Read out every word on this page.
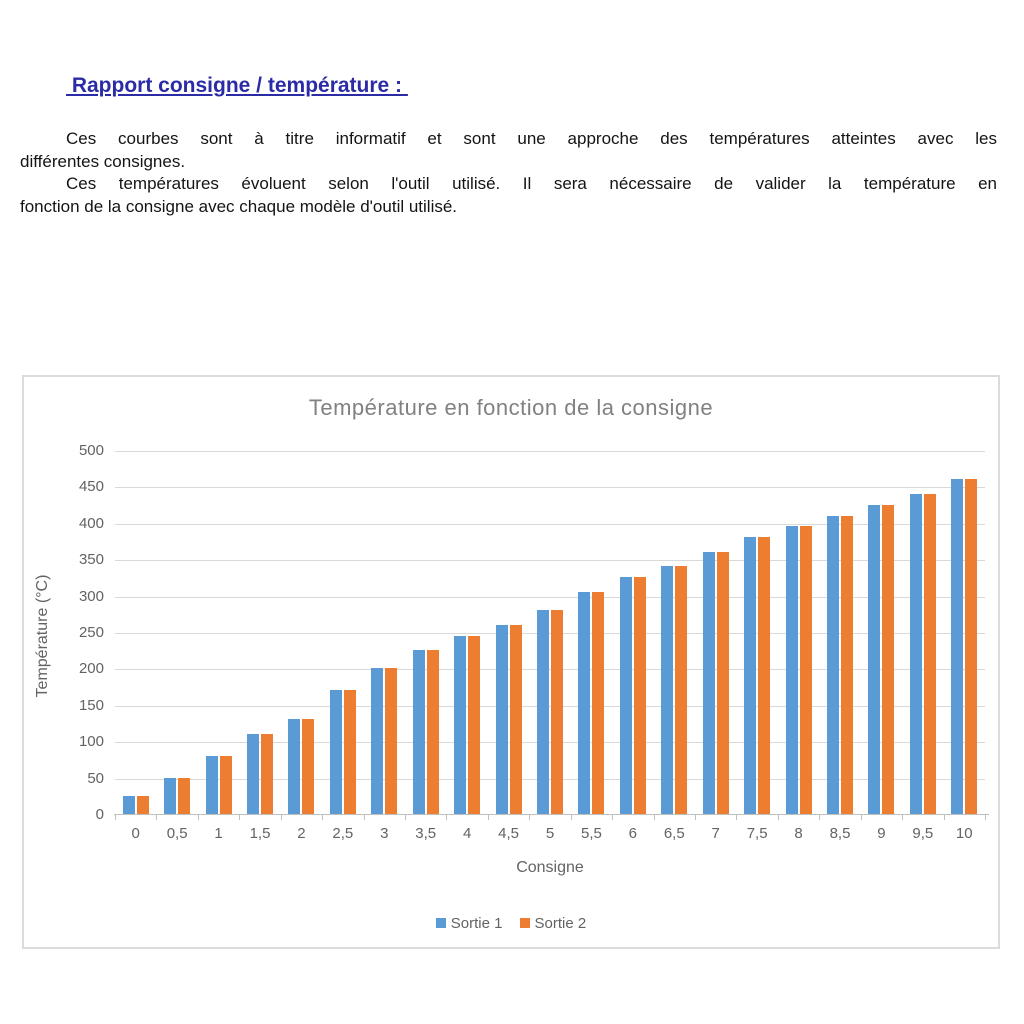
Rapport consigne / température :
Ces courbes sont à titre informatif et sont une approche des températures atteintes avec les
différentes consignes.
Ces températures évoluent selon l'outil utilisé. Il sera nécessaire de valider la température en
fonction de la consigne avec chaque modèle d'outil utilisé.
Température en fonction de la consigne
Température (°C)
0
50
100
150
200
250
300
350
400
450
500
0	0,5	1	1,5	2	2,5	3	3,5	4	4,5	5	5,5	6	6,5	7	7,5	8	8,5	9	9,5	10
Consigne
Sortie 1 Sortie 2
